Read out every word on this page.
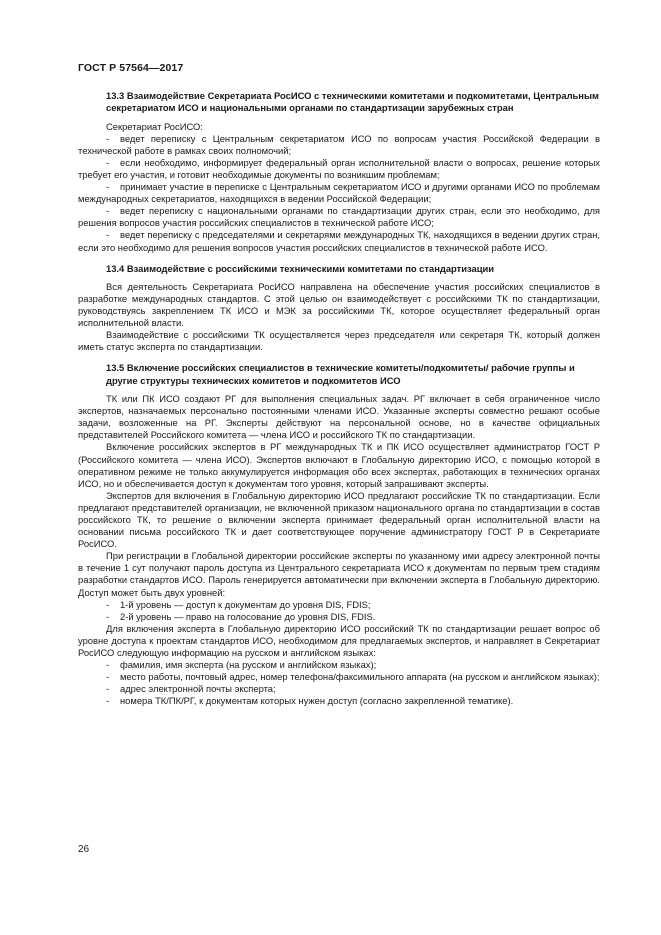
ГОСТ Р 57564—2017

13.3 Взаимодействие Секретариата РосИСО с техническими комитетами и подкомитетами, Центральным секретариатом ИСО и национальными органами по стандартизации зарубежных стран

Секретариат РосИСО:

- ведет переписку с Центральным секретариатом ИСО по вопросам участия Российской Федерации в технической работе в рамках своих полномочий;

- если необходимо, информирует федеральный орган исполнительной власти о вопросах, решение которых требует его участия, и готовит необходимые документы по возникшим проблемам;

- принимает участие в переписке с Центральным секретариатом ИСО и другими органами ИСО по проблемам международных секретариатов, находящихся в ведении Российской Федерации;

- ведет переписку с национальными органами по стандартизации других стран, если это необходимо, для решения вопросов участия российских специалистов в технической работе ИСО;

- ведет переписку с председателями и секретарями международных ТК, находящихся в ведении других стран, если это необходимо для решения вопросов участия российских специалистов в технической работе ИСО.

13.4 Взаимодействие с российскими техническими комитетами по стандартизации

Вся деятельность Секретариата РосИСО направлена на обеспечение участия российских специалистов в разработке международных стандартов. С этой целью он взаимодействует с российскими ТК по стандартизации, руководствуясь закреплением ТК ИСО и МЭК за российскими ТК, которое осуществляет федеральный орган исполнительной власти.

Взаимодействие с российскими ТК осуществляется через председателя или секретаря ТК, который должен иметь статус эксперта по стандартизации.

13.5 Включение российских специалистов в технические комитеты/подкомитеты/ рабочие группы и другие структуры технических комитетов и подкомитетов ИСО

ТК или ПК ИСО создают РГ для выполнения специальных задач. РГ включает в себя ограниченное число экспертов, назначаемых персонально постоянными членами ИСО. Указанные эксперты совместно решают особые задачи, возложенные на РГ. Эксперты действуют на персональной основе, но в качестве официальных представителей Российского комитета — члена ИСО и российского ТК по стандартизации.

Включение российских экспертов в РГ международных ТК и ПК ИСО осуществляет администратор ГОСТ Р (Российского комитета — члена ИСО). Экспертов включают в Глобальную директорию ИСО, с помощью которой в оперативном режиме не только аккумулируется информация обо всех экспертах, работающих в технических органах ИСО, но и обеспечивается доступ к документам того уровня, который запрашивают эксперты.

Экспертов для включения в Глобальную директорию ИСО предлагают российские ТК по стандартизации. Если предлагают представителей организации, не включенной приказом национального органа по стандартизации в состав российского ТК, то решение о включении эксперта принимает федеральный орган исполнительной власти на основании письма российского ТК и дает соответствующее поручение администратору ГОСТ Р в Секретариате РосИСО.

При регистрации в Глобальной директории российские эксперты по указанному ими адресу электронной почты в течение 1 сут получают пароль доступа из Центрального секретариата ИСО к документам по первым трем стадиям разработки стандартов ИСО. Пароль генерируется автоматически при включении эксперта в Глобальную директорию. Доступ может быть двух уровней:

- 1-й уровень — доступ к документам до уровня DIS, FDIS;

- 2-й уровень — право на голосование до уровня DIS, FDIS.

Для включения эксперта в Глобальную директорию ИСО российский ТК по стандартизации решает вопрос об уровне доступа к проектам стандартов ИСО, необходимом для предлагаемых экспертов, и направляет в Секретариат РосИСО следующую информацию на русском и английском языках:

- фамилия, имя эксперта (на русском и английском языках);

- место работы, почтовый адрес, номер телефона/факсимильного аппарата (на русском и английском языках);

- адрес электронной почты эксперта;

- номера ТК/ПК/РГ, к документам которых нужен доступ (согласно закрепленной тематике).

26
